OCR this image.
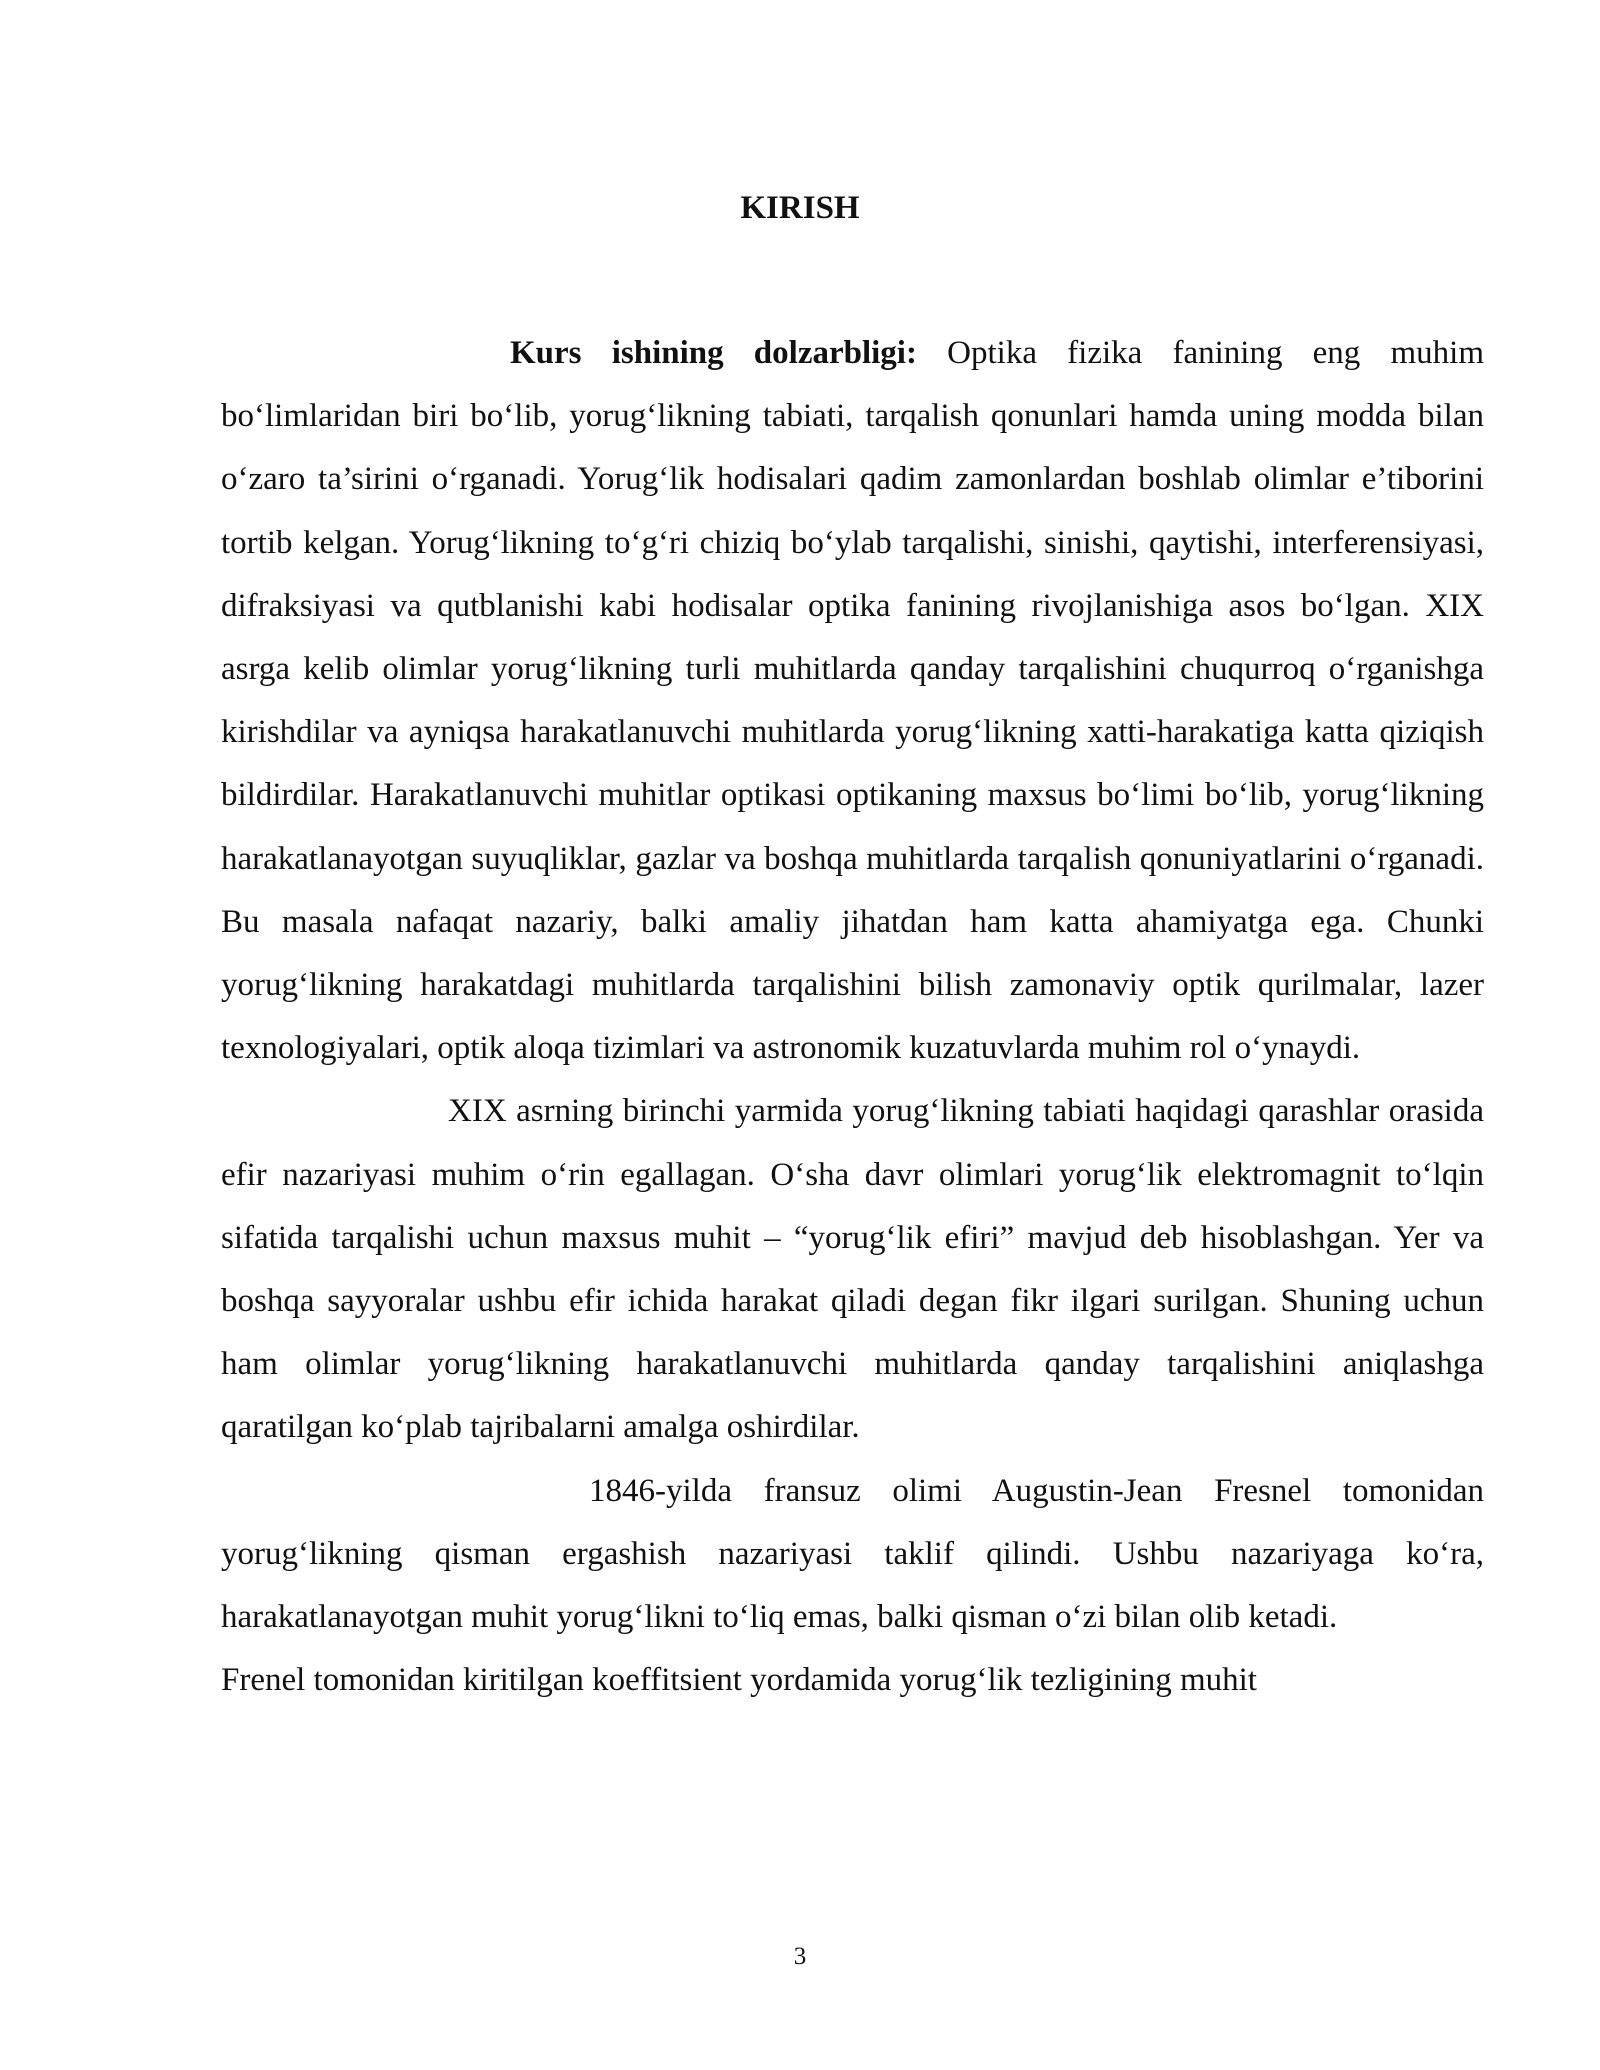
KIRISH

Kurs ishining dolzarbligi: Optika fizika fanining eng muhim bo‘limlaridan biri bo‘lib, yorug‘likning tabiati, tarqalish qonunlari hamda uning modda bilan o‘zaro ta’sirini o‘rganadi. Yorug‘lik hodisalari qadim zamonlardan boshlab olimlar e’tiborini tortib kelgan. Yorug‘likning to‘g‘ri chiziq bo‘ylab tarqalishi, sinishi, qaytishi, interferensiyasi, difraksiyasi va qutblanishi kabi hodisalar optika fanining rivojlanishiga asos bo‘lgan. XIX asrga kelib olimlar yorug‘likning turli muhitlarda qanday tarqalishini chuqurroq o‘rganishga kirishdilar va ayniqsa harakatlanuvchi muhitlarda yorug‘likning xatti-harakatiga katta qiziqish bildirdilar. Harakatlanuvchi muhitlar optikasi optikaning maxsus bo‘limi bo‘lib, yorug‘likning harakatlanayotgan suyuqliklar, gazlar va boshqa muhitlarda tarqalish qonuniyatlarini o‘rganadi. Bu masala nafaqat nazariy, balki amaliy jihatdan ham katta ahamiyatga ega. Chunki yorug‘likning harakatdagi muhitlarda tarqalishini bilish zamonaviy optik qurilmalar, lazer texnologiyalari, optik aloqa tizimlari va astronomik kuzatuvlarda muhim rol o‘ynaydi.

XIX asrning birinchi yarmida yorug‘likning tabiati haqidagi qarashlar orasida efir nazariyasi muhim o‘rin egallagan. O‘sha davr olimlari yorug‘lik elektromagnit to‘lqin sifatida tarqalishi uchun maxsus muhit – “yorug‘lik efiri” mavjud deb hisoblashgan. Yer va boshqa sayyoralar ushbu efir ichida harakat qiladi degan fikr ilgari surilgan. Shuning uchun ham olimlar yorug‘likning harakatlanuvchi muhitlarda qanday tarqalishini aniqlashga qaratilgan ko‘plab tajribalarni amalga oshirdilar.

1846-yilda fransuz olimi Augustin-Jean Fresnel tomonidan yorug‘likning qisman ergashish nazariyasi taklif qilindi. Ushbu nazariyaga ko‘ra, harakatlanayotgan muhit yorug‘likni to‘liq emas, balki qisman o‘zi bilan olib ketadi.

Frenel tomonidan kiritilgan koeffitsient yordamida yorug‘lik tezligining muhit

3
